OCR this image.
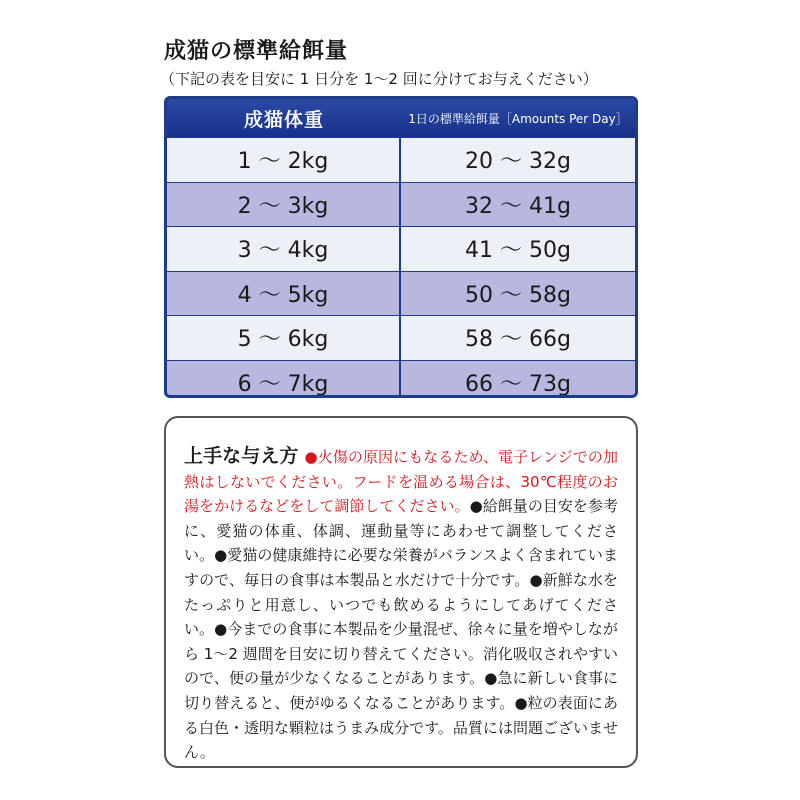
成猫の標準給餌量
（下記の表を目安に 1 日分を 1〜2 回に分けてお与えください）
成猫体重	1日の標準給餌量［Amounts Per Day］
1 ～ 2kg	20 ～ 32g
2 ～ 3kg	32 ～ 41g
3 ～ 4kg	41 ～ 50g
4 ～ 5kg	50 ～ 58g
5 ～ 6kg	58 ～ 66g
6 ～ 7kg	66 ～ 73g

上手な与え方 ●火傷の原因にもなるため、電子レンジでの加熱はしないでください。フードを温める場合は、30℃程度のお湯をかけるなどをして調節してください。●給餌量の目安を参考に、愛猫の体重、体調、運動量等にあわせて調整してください。●愛猫の健康維持に必要な栄養がバランスよく含まれていますので、毎日の食事は本製品と水だけで十分です。●新鮮な水をたっぷりと用意し、いつでも飲めるようにしてあげてください。●今までの食事に本製品を少量混ぜ、徐々に量を増やしながら 1～2 週間を目安に切り替えてください。消化吸収されやすいので、便の量が少なくなることがあります。●急に新しい食事に切り替えると、便がゆるくなることがあります。●粒の表面にある白色・透明な顆粒はうまみ成分です。品質には問題ございません。
